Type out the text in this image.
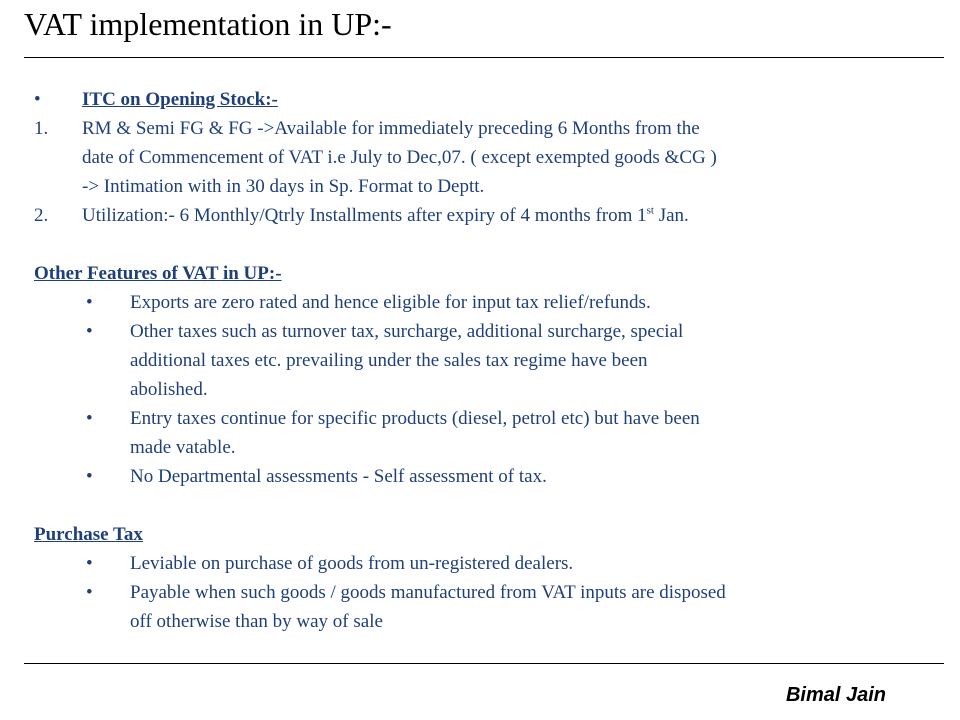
VAT implementation in UP:-
• ITC on Opening Stock:-
1. RM & Semi FG & FG ->Available for immediately preceding 6 Months from the
date of Commencement of VAT i.e July to Dec,07. ( except exempted goods &CG )
-> Intimation with in 30 days in Sp. Format to Deptt.
2. Utilization:- 6 Monthly/Qtrly Installments after expiry of 4 months from 1st Jan.
Other Features of VAT in UP:-
• Exports are zero rated and hence eligible for input tax relief/refunds.
• Other taxes such as turnover tax, surcharge, additional surcharge, special
additional taxes etc. prevailing under the sales tax regime have been
abolished.
• Entry taxes continue for specific products (diesel, petrol etc) but have been
made vatable.
• No Departmental assessments - Self assessment of tax.
Purchase Tax
• Leviable on purchase of goods from un-registered dealers.
• Payable when such goods / goods manufactured from VAT inputs are disposed
off otherwise than by way of sale
Bimal Jain
